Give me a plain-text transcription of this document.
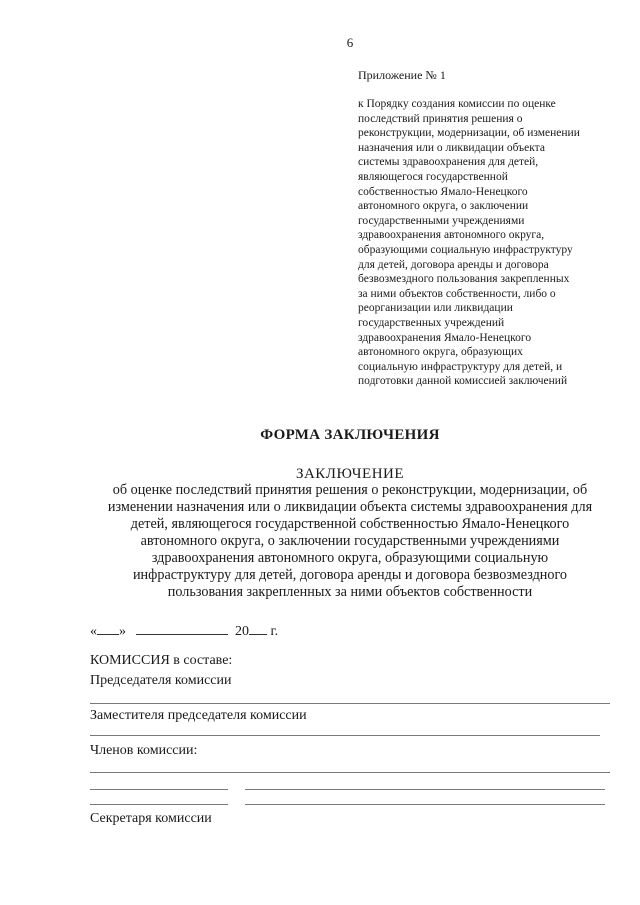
6
Приложение № 1
к Порядку создания комиссии по оценке
последствий принятия решения о
реконструкции, модернизации, об изменении
назначения или о ликвидации объекта
системы здравоохранения для детей,
являющегося государственной
собственностью Ямало-Ненецкого
автономного округа, о заключении
государственными учреждениями
здравоохранения автономного округа,
образующими социальную инфраструктуру
для детей, договора аренды и договора
безвозмездного пользования закрепленных
за ними объектов собственности, либо о
реорганизации или ликвидации
государственных учреждений
здравоохранения Ямало-Ненецкого
автономного округа, образующих
социальную инфраструктуру для детей, и
подготовки данной комиссией заключений
ФОРМА ЗАКЛЮЧЕНИЯ
ЗАКЛЮЧЕНИЕ
об оценке последствий принятия решения о реконструкции, модернизации, об
изменении назначения или о ликвидации объекта системы здравоохранения для
детей, являющегося государственной собственностью Ямало-Ненецкого
автономного округа, о заключении государственными учреждениями
здравоохранения автономного округа, образующими социальную
инфраструктуру для детей, договора аренды и договора безвозмездного
пользования закрепленных за ними объектов собственности
« »	20 г.
КОМИССИЯ в составе:
Председателя комиссии
Заместителя председателя комиссии
Членов комиссии:
Секретаря комиссии
